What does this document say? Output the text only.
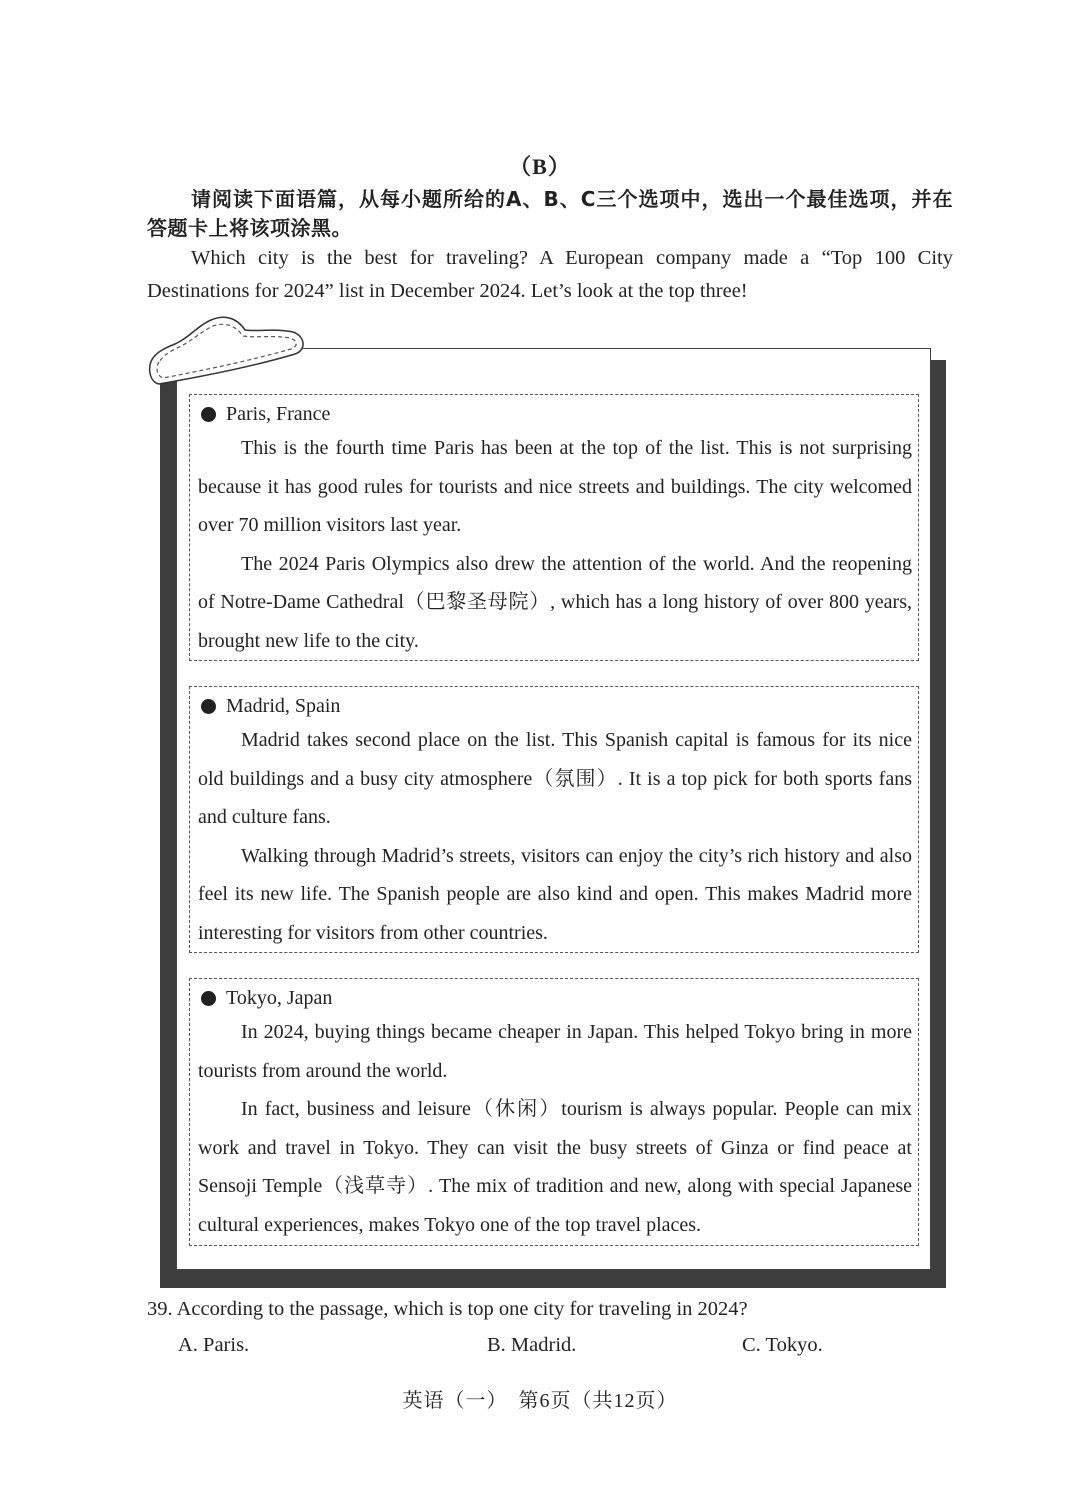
（B）
请阅读下面语篇，从每小题所给的A、B、C三个选项中，选出一个最佳选项，并在答题卡上将该项涂黑。
Which city is the best for traveling? A European company made a “Top 100 City Destinations for 2024” list in December 2024. Let’s look at the top three!
Paris, France

This is the fourth time Paris has been at the top of the list. This is not surprising because it has good rules for tourists and nice streets and buildings. The city welcomed over 70 million visitors last year.

The 2024 Paris Olympics also drew the attention of the world. And the reopening of Notre-Dame Cathedral（巴黎圣母院）, which has a long history of over 800 years, brought new life to the city.

Madrid, Spain

Madrid takes second place on the list. This Spanish capital is famous for its nice old buildings and a busy city atmosphere（氛围）. It is a top pick for both sports fans and culture fans.

Walking through Madrid’s streets, visitors can enjoy the city’s rich history and also feel its new life. The Spanish people are also kind and open. This makes Madrid more interesting for visitors from other countries.

Tokyo, Japan

In 2024, buying things became cheaper in Japan. This helped Tokyo bring in more tourists from around the world.

In fact, business and leisure（休闲）tourism is always popular. People can mix work and travel in Tokyo. They can visit the busy streets of Ginza or find peace at Sensoji Temple（浅草寺）. The mix of tradition and new, along with special Japanese cultural experiences, makes Tokyo one of the top travel places.

39. According to the passage, which is top one city for traveling in 2024?
A. Paris.	B. Madrid.	C. Tokyo.
英语（一）　第6页（共12页）
